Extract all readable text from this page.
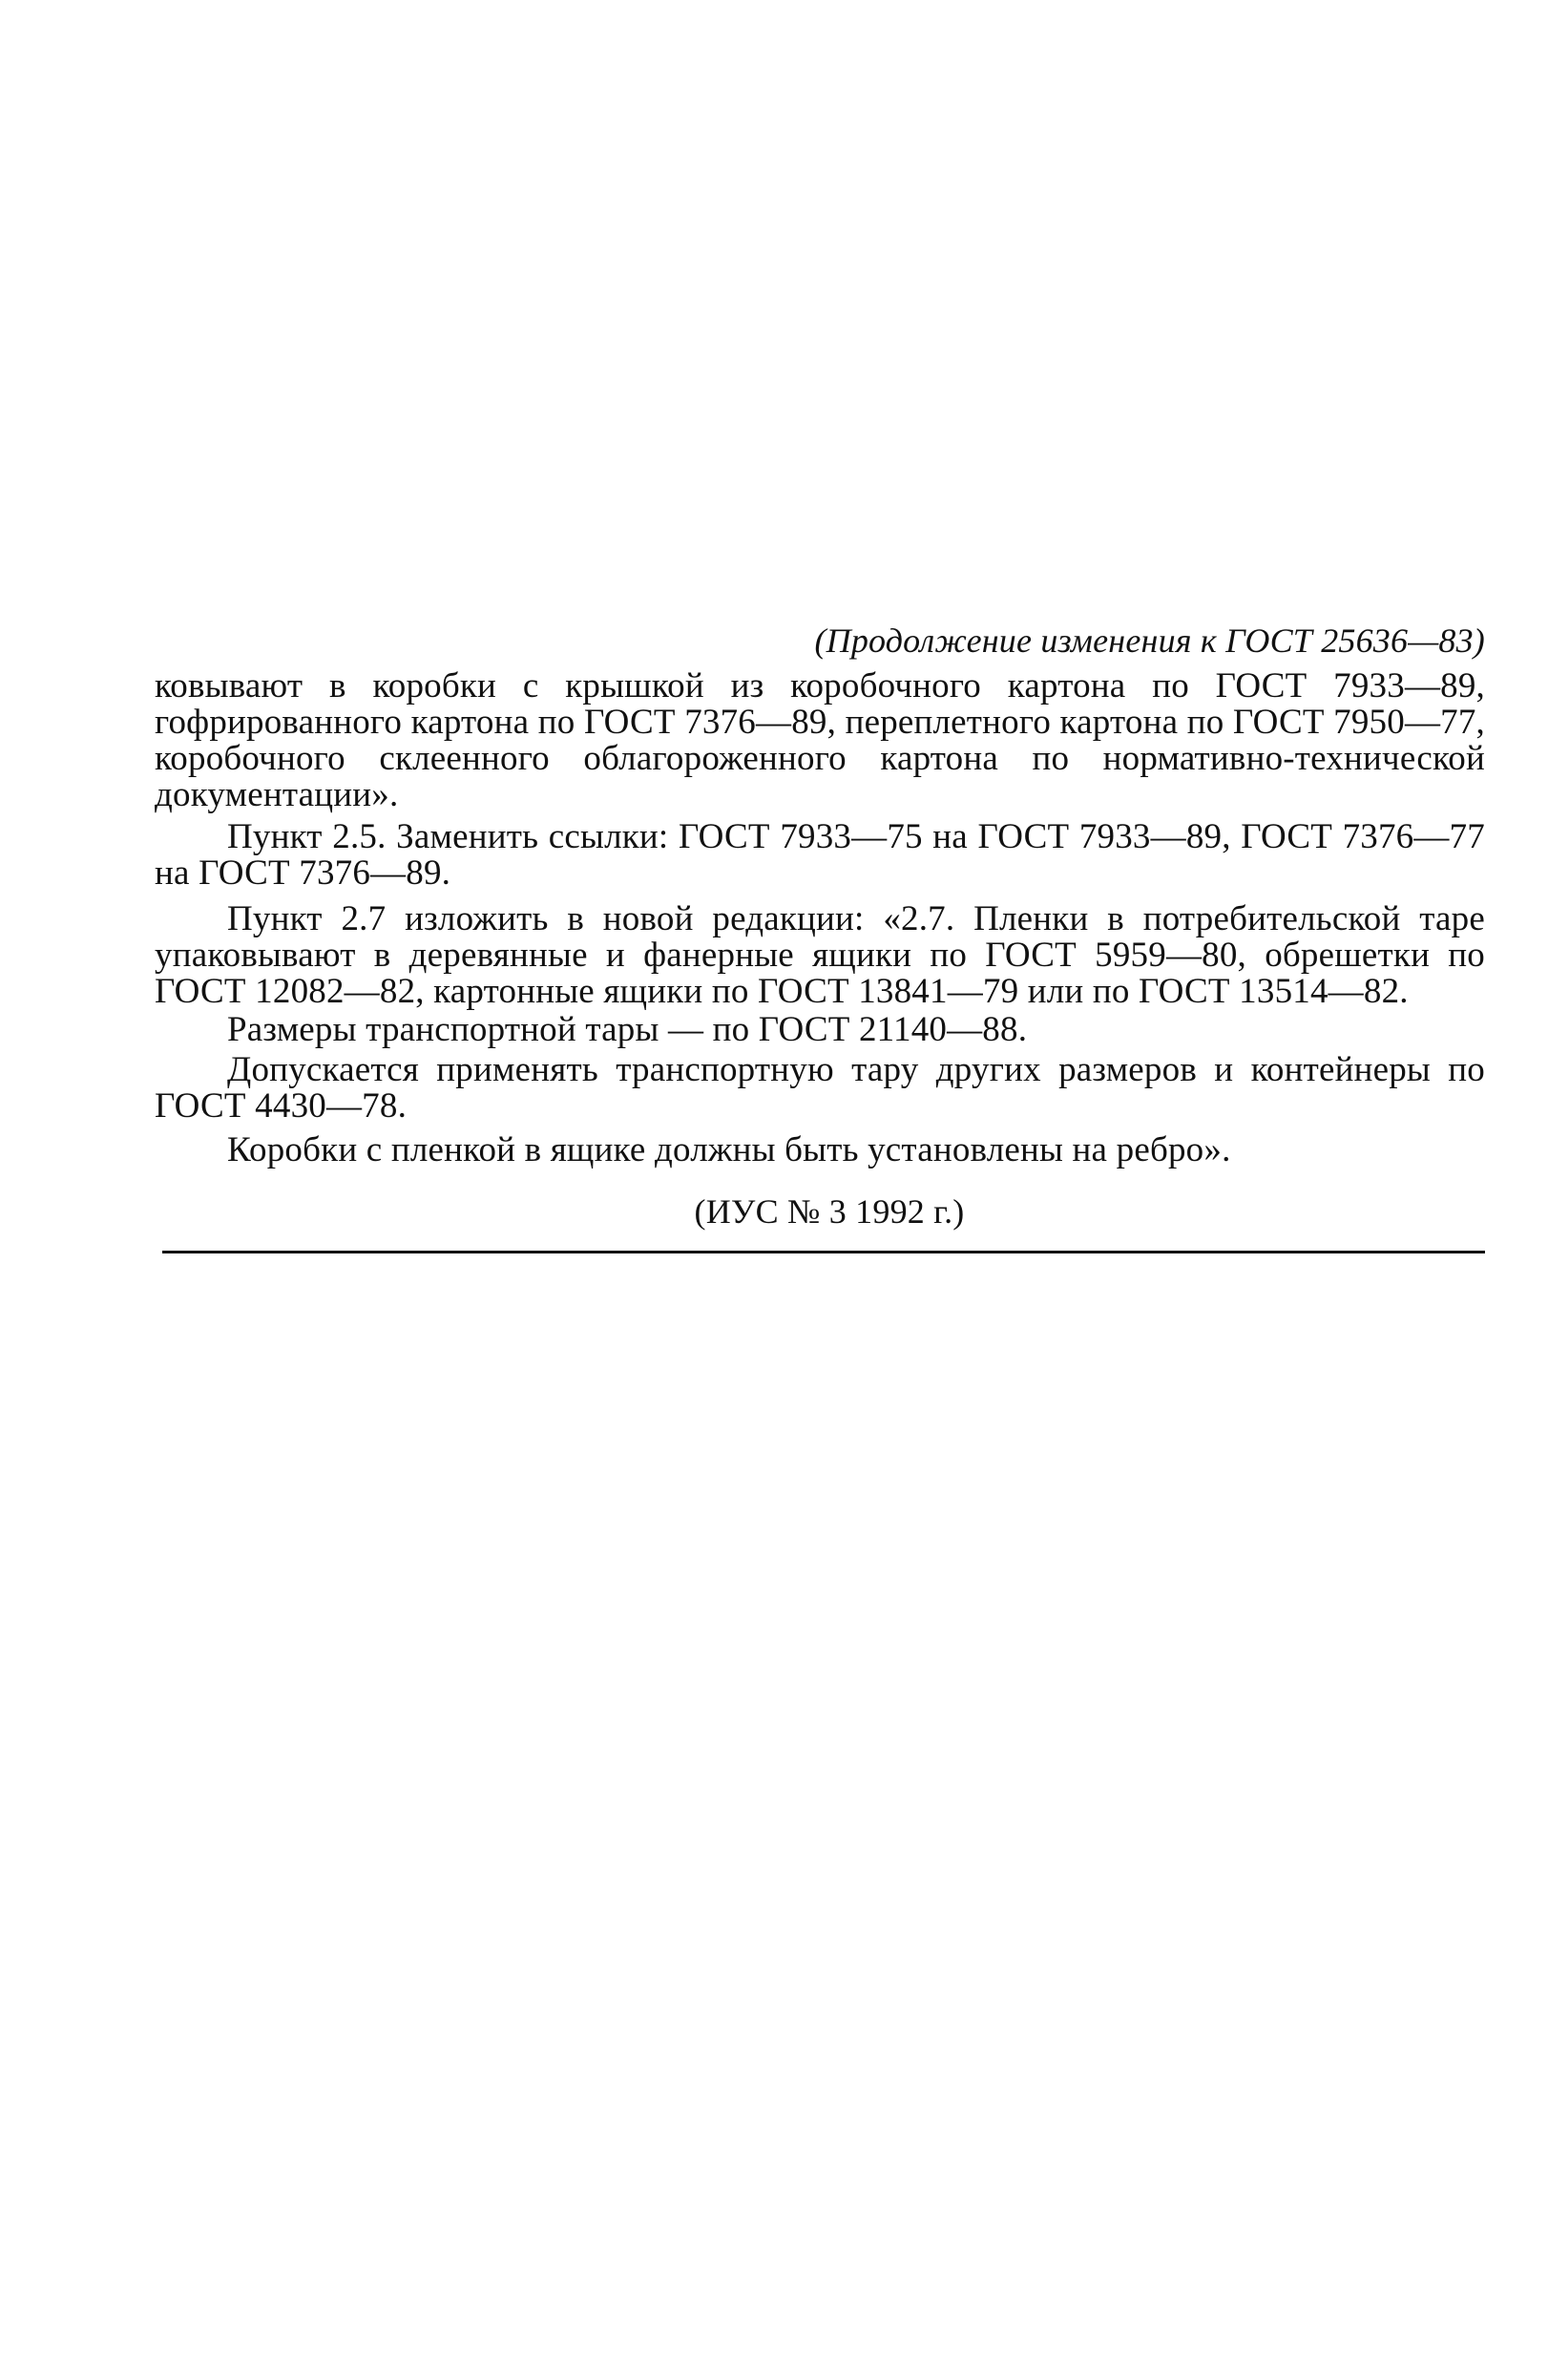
(Продолжение изменения к ГОСТ 25636—83)

ковывают в коробки с крышкой из коробочного картона по ГОСТ 7933—89, гофрированного картона по ГОСТ 7376—89, переплетного картона по ГОСТ 7950—77, коробочного склеенного облагороженного картона по нормативно-технической документации».

Пункт 2.5. Заменить ссылки: ГОСТ 7933—75 на ГОСТ 7933—89, ГОСТ 7376—77 на ГОСТ 7376—89.

Пункт 2.7 изложить в новой редакции: «2.7. Пленки в потребительской таре упаковывают в деревянные и фанерные ящики по ГОСТ 5959—80, обрешетки по ГОСТ 12082—82, картонные ящики по ГОСТ 13841—79 или по ГОСТ 13514—82.

Размеры транспортной тары — по ГОСТ 21140—88.

Допускается применять транспортную тару других размеров и контейнеры по ГОСТ 4430—78.

Коробки с пленкой в ящике должны быть установлены на ребро».

(ИУС № 3 1992 г.)
